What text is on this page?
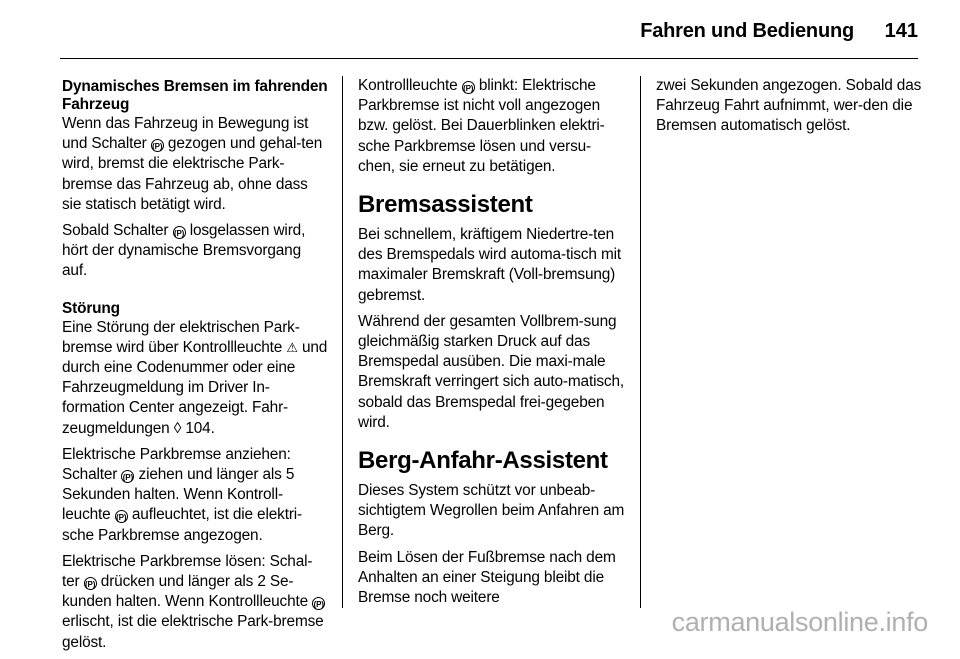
Fahren und Bedienung 141
Dynamisches Bremsen im fahrenden Fahrzeug

Wenn das Fahrzeug in Bewegung ist und Schalter (P) gezogen und gehal-ten wird, bremst die elektrische Park-bremse das Fahrzeug ab, ohne dass sie statisch betätigt wird.

Sobald Schalter (P) losgelassen wird, hört der dynamische Bremsvorgang auf.

Störung

Eine Störung der elektrischen Park-bremse wird über Kontrollleuchte ⚠ und durch eine Codenummer oder eine Fahrzeugmeldung im Driver In-formation Center angezeigt. Fahr-zeugmeldungen ◊ 104.

Elektrische Parkbremse anziehen: Schalter (P) ziehen und länger als 5 Sekunden halten. Wenn Kontroll-leuchte (P) aufleuchtet, ist die elektri-sche Parkbremse angezogen.

Elektrische Parkbremse lösen: Schal-ter (P) drücken und länger als 2 Se-kunden halten. Wenn Kontrollleuchte (P) erlischt, ist die elektrische Park-bremse gelöst.

Kontrollleuchte (P) blinkt: Elektrische Parkbremse ist nicht voll angezogen bzw. gelöst. Bei Dauerblinken elektri-sche Parkbremse lösen und versu-chen, sie erneut zu betätigen.

Bremsassistent

Bei schnellem, kräftigem Niedertre-ten des Bremspedals wird automa-tisch mit maximaler Bremskraft (Voll-bremsung) gebremst.

Während der gesamten Vollbrem-sung gleichmäßig starken Druck auf das Bremspedal ausüben. Die maxi-male Bremskraft verringert sich auto-matisch, sobald das Bremspedal frei-gegeben wird.

Berg-Anfahr-Assistent

Dieses System schützt vor unbeab-sichtigtem Wegrollen beim Anfahren am Berg.

Beim Lösen der Fußbremse nach dem Anhalten an einer Steigung bleibt die Bremse noch weitere

zwei Sekunden angezogen. Sobald das Fahrzeug Fahrt aufnimmt, wer-den die Bremsen automatisch gelöst.

carmanualsonline.info
